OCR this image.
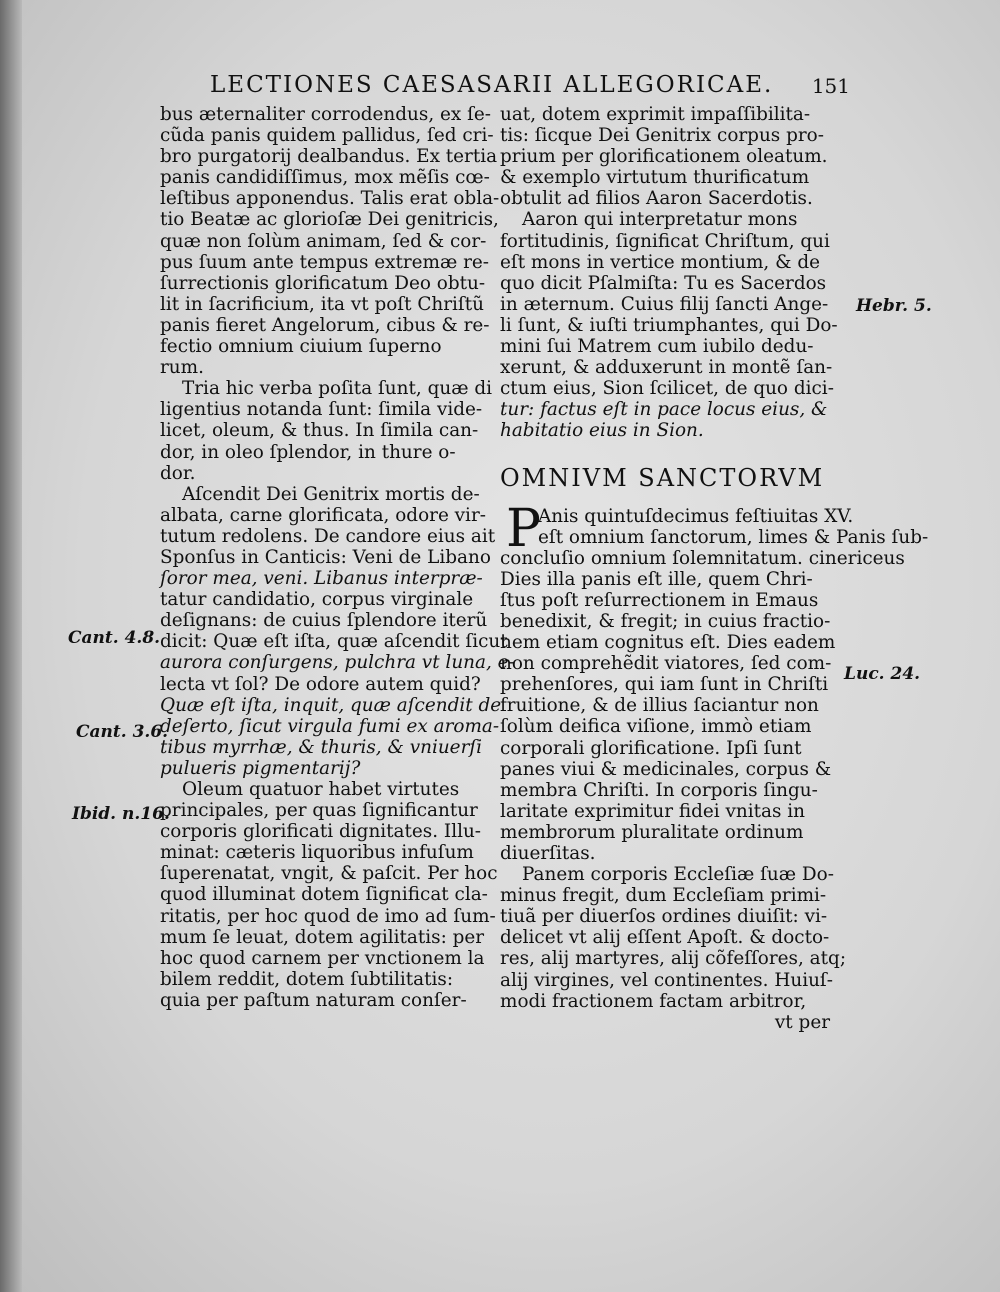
LECTIONES CAESASARII ALLEGORICAE. 151
bus æternaliter corrodendus, ex ſe-
cũda panis quidem pallidus, ſed cri-
bro purgatorij dealbandus. Ex tertia
panis candidiſſimus, mox mẽſis cœ-
leſtibus apponendus. Talis erat obla-
tio Beatæ ac glorioſæ Dei genitricis,
quæ non ſolùm animam, ſed & cor-
pus ſuum ante tempus extremæ re-
ſurrectionis glorificatum Deo obtu-
lit in ſacrificium, ita vt poſt Chriſtũ
panis fieret Angelorum, cibus & re-
fectio omnium ciuium ſuperno
rum.
Tria hic verba poſita ſunt, quæ di
ligentius notanda ſunt: ſimila vide-
licet, oleum, & thus. In ſimila can-
dor, in oleo ſplendor, in thure o-
dor.
Aſcendit Dei Genitrix mortis de-
albata, carne glorificata, odore vir-
tutum redolens. De candore eius ait
Sponſus in Canticis: Veni de Libano
ſoror mea, veni. Libanus interpræ-
tatur candidatio, corpus virginale
deſignans: de cuius ſplendore iterũ
dicit: Quæ eſt iſta, quæ aſcendit ſicut
aurora conſurgens, pulchra vt luna, e-
lecta vt ſol? De odore autem quid?
Quæ eſt iſta, inquit, quæ aſcendit de
deſerto, ſicut virgula fumi ex aroma-
tibus myrrhæ, & thuris, & vniuerſi
pulueris pigmentarij?
Oleum quatuor habet virtutes
principales, per quas ſignificantur
corporis glorificati dignitates. Illu-
minat: cæteris liquoribus infuſum
ſuperenatat, vngit, & paſcit. Per hoc
quod illuminat dotem ſignificat cla-
ritatis, per hoc quod de imo ad ſum-
mum ſe leuat, dotem agilitatis: per
hoc quod carnem per vnctionem la
bilem reddit, dotem ſubtilitatis:
quia per paſtum naturam conſer-
uat, dotem exprimit impaſſibilita-
tis: ſicque Dei Genitrix corpus pro-
prium per glorificationem oleatum.
& exemplo virtutum thurificatum
obtulit ad filios Aaron Sacerdotis.
Aaron qui interpretatur mons
fortitudinis, ſignificat Chriſtum, qui
eſt mons in vertice montium, & de
quo dicit Pſalmiſta: Tu es Sacerdos
in æternum. Cuius filij ſancti Ange-
li ſunt, & iuſti triumphantes, qui Do-
mini ſui Matrem cum iubilo dedu-
xerunt, & adduxerunt in montẽ ſan-
ctum eius, Sion ſcilicet, de quo dici-
tur: factus eſt in pace locus eius, &
habitatio eius in Sion.
OMNIVM SANCTORVM
P
Anis quintuſdecimus feſtiuitas XV.
eſt omnium ſanctorum, limes & Panis ſub-
concluſio omnium ſolemnitatum. cinericeus
Dies illa panis eſt ille, quem Chri-
ſtus poſt reſurrectionem in Emaus
benedixit, & fregit; in cuius fractio-
nem etiam cognitus eſt. Dies eadem
non comprehẽdit viatores, ſed com-
prehenſores, qui iam ſunt in Chriſti
fruitione, & de illius ſaciantur non
ſolùm deifica viſione, immò etiam
corporali glorificatione. Ipſi ſunt
panes viui & medicinales, corpus &
membra Chriſti. In corporis ſingu-
laritate exprimitur fidei vnitas in
membrorum pluralitate ordinum
diuerſitas.
Panem corporis Eccleſiæ ſuæ Do-
minus fregit, dum Eccleſiam primi-
tiuã per diuerſos ordines diuiſit: vi-
delicet vt alij eſſent Apoſt. & docto-
res, alij martyres, alij cõfeſſores, atq;
alij virgines, vel continentes. Huiuſ-
modi fractionem factam arbitror,
vt per
Cant. 4.8.
Cant. 3.6.
Ibid. n.16.
Hebr. 5.
Luc. 24.
